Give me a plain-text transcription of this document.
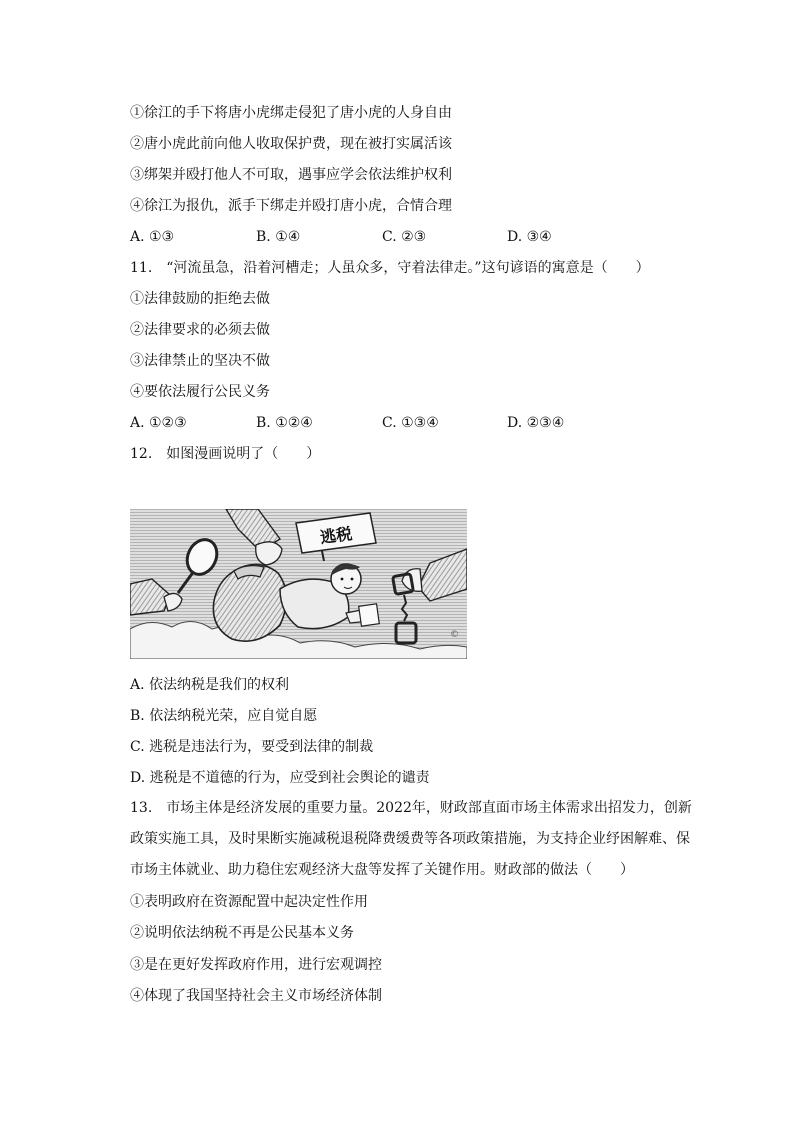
①徐江的手下将唐小虎绑走侵犯了唐小虎的人身自由
②唐小虎此前向他人收取保护费，现在被打实属活该
③绑架并殴打他人不可取，遇事应学会依法维护权利
④徐江为报仇，派手下绑走并殴打唐小虎，合情合理
A. ①③	B. ①④	C. ②③	D. ③④
11.　“河流虽急，沿着河槽走；人虽众多，守着法律走。”这句谚语的寓意是（　　）
①法律鼓励的拒绝去做
②法律要求的必须去做
③法律禁止的坚决不做
④要依法履行公民义务
A. ①②③	B. ①②④	C. ①③④	D. ②③④
12.　如图漫画说明了（　　）
逃税
©
A. 依法纳税是我们的权利
B. 依法纳税光荣，应自觉自愿
C. 逃税是违法行为，要受到法律的制裁
D. 逃税是不道德的行为，应受到社会舆论的谴责
13.　市场主体是经济发展的重要力量。2022年，财政部直面市场主体需求出招发力，创新政策实施工具，及时果断实施减税退税降费缓费等各项政策措施，为支持企业纾困解难、保市场主体就业、助力稳住宏观经济大盘等发挥了关键作用。财政部的做法（　　）
①表明政府在资源配置中起决定性作用
②说明依法纳税不再是公民基本义务
③是在更好发挥政府作用，进行宏观调控
④体现了我国坚持社会主义市场经济体制
